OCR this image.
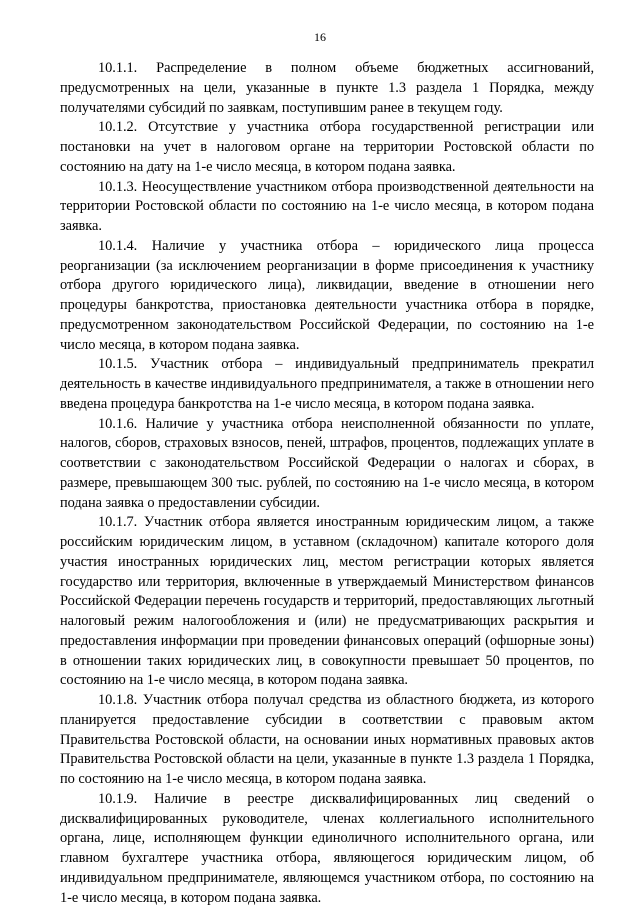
16

10.1.1. Распределение в полном объеме бюджетных ассигнований, предусмотренных на цели, указанные в пункте 1.3 раздела 1 Порядка, между получателями субсидий по заявкам, поступившим ранее в текущем году.

10.1.2. Отсутствие у участника отбора государственной регистрации или постановки на учет в налоговом органе на территории Ростовской области по состоянию на дату на 1-е число месяца, в котором подана заявка.

10.1.3. Неосуществление участником отбора производственной деятельности на территории Ростовской области по состоянию на 1-е число месяца, в котором подана заявка.

10.1.4. Наличие у участника отбора – юридического лица процесса реорганизации (за исключением реорганизации в форме присоединения к участнику отбора другого юридического лица), ликвидации, введение в отношении него процедуры банкротства, приостановка деятельности участника отбора в порядке, предусмотренном законодательством Российской Федерации, по состоянию на 1-е число месяца, в котором подана заявка.

10.1.5. Участник отбора – индивидуальный предприниматель прекратил деятельность в качестве индивидуального предпринимателя, а также в отношении него введена процедура банкротства на 1-е число месяца, в котором подана заявка.

10.1.6. Наличие у участника отбора неисполненной обязанности по уплате, налогов, сборов, страховых взносов, пеней, штрафов, процентов, подлежащих уплате в соответствии с законодательством Российской Федерации о налогах и сборах, в размере, превышающем 300 тыс. рублей, по состоянию на 1-е число месяца, в котором подана заявка о предоставлении субсидии.

10.1.7. Участник отбора является иностранным юридическим лицом, а также российским юридическим лицом, в уставном (складочном) капитале которого доля участия иностранных юридических лиц, местом регистрации которых является государство или территория, включенные в утверждаемый Министерством финансов Российской Федерации перечень государств и территорий, предоставляющих льготный налоговый режим налогообложения и (или) не предусматривающих раскрытия и предоставления информации при проведении финансовых операций (офшорные зоны) в отношении таких юридических лиц, в совокупности превышает 50 процентов, по состоянию на 1-е число месяца, в котором подана заявка.

10.1.8. Участник отбора получал средства из областного бюджета, из которого планируется предоставление субсидии в соответствии с правовым актом Правительства Ростовской области, на основании иных нормативных правовых актов Правительства Ростовской области на цели, указанные в пункте 1.3 раздела 1 Порядка, по состоянию на 1-е число месяца, в котором подана заявка.

10.1.9. Наличие в реестре дисквалифицированных лиц сведений о дисквалифицированных руководителе, членах коллегиального исполнительного органа, лице, исполняющем функции единоличного исполнительного органа, или главном бухгалтере участника отбора, являющегося юридическим лицом, об индивидуальном предпринимателе, являющемся участником отбора, по состоянию на 1-е число месяца, в котором подана заявка.
